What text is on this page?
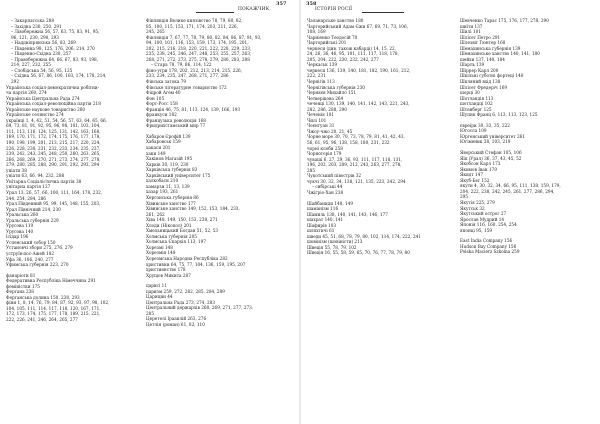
357	358
ПОКАЖЧИК	ІСТОРІЯ РОСІЇ

– Закарпатська 288

– Західна 230, 250, 291

– Лівобережна 56, 57, 63, 75, 83, 91, 95,

96, 121, 230, 290, 293

– Наддніпрянська 56, 83, 269

– Південна 98, 125, 176, 206, 214, 270

– Південно-Східна 230, 257

– Правобережна 64, 66, 67, 83, 93, 198,

214, 227, 232, 255

– Слобідська 54, 56, 95, 125

– Східна 56, 67, 86, 100, 103, 174, 178, 214,

292

Українська соціал-демократична робітни-

ча партія 260, 274

Українська Центральна Рада 274

Українська соціал-революційна партія 218

Українське наукове товариство 260

Українське селянство 274

українці 1, 4, 42, 51, 54, 56, 57, 63, 64, 65, 66,

69, 73, 81, 91, 92, 95, 96, 98, 101, 103, 104,

111, 113, 116, 124, 125, 131, 142, 163, 168,

169, 170, 171, 172, 174, 175, 176, 177, 178,

190, 198, 199, 201, 213, 215, 217, 220, 224,

226, 228, 230, 231, 232, 233, 234, 235, 237,

239, 242, 243, 245, 248, 250, 260, 263, 265,

266, 268, 269, 270, 271, 273, 274, 277, 278,

279, 280, 285, 288, 290, 291, 292, 293, 294

уніати 38

уніати 63, 66, 94, 232, 288

Унітарна Соціалістична партія 38

унітарна партія 127

Урал 13, 26, 57, 66, 100, 111, 164, 178, 232,

244, 254, 284, 286

Урал Південний 95, 99, 145, 148, 155, 203,

Урал Північний 214, 230

Уральська 260

Уральська губернія 229

Урусова 119

Урусова 140

Ісідар 196

Успенський собор 150

Установчі збори 275, 276, 279

уструїв-пос-Ажей 182

Уфа 36, 106, 240, 277

Уфимська губернія 223, 270

фанаріоти 81

Федеративна Республіка Німеччина 291

феміністки 175

Фергана 238

Ферганська долина 150, 238, 293

фіни 1, 8, 14, 76, 79, 84, 87, 92, 93, 97, 98, 102,

104, 105, 111, 114, 117, 118, 120, 167, 171,

172, 173, 174, 175, 177, 178, 189, 215, 221,

222, 226, 241, 246, 264, 265, 277

Фінляндія Велике князівство 78, 79, 80, 82,

85, 100, 115, 153, 171, 174, 203, 211, 226,

245, 265

Фінляндія 7, 67, 77, 78, 79, 80, 82, 84, 86, 87, 91, 93,

94, 100, 101, 116, 153, 159, 173, 174, 195, 201,

202, 215, 216, 218, 220, 221, 222, 228, 229, 233,

235, 238, 245, 246, 247, 248, 253, 255, 257, 263,

268, 271, 272, 273, 275, 278, 279, 280, 283, 288

– Стара 78, 79, 86, 114, 122

фіно-угри 178, 202, 212, 213, 214, 215, 226,

233, 234, 235, 247, 268, 271, 277, 286

Фінська затока 79

Фінське літературне товариство 172

Фіцрой Агем 40

Фон 105

Форт-Росс 158

Франція 46, 75, 81, 113, 124, 139, 166, 193

франкуси 182

Французька революція 168

Фридрихсгамський мир 77

Хабаров Єрофій 139

Хабаровськ 159

хакаси 201

хаки 149

Хакімов Магазій 195

Харків 30, 119, 230

Харківська губернія 83

Харківський університет 175

халкобаси 210

хамарзи 11, 13, 139

хазар 193, 261

Херсонська губернія 86

Хівинське ханство 177

Хівинське ханство 149, 152, 153, 184, 233,

261, 262

Хіва 148, 149, 150, 153, 238, 271

Хлоди (Нікопол) 201

Хмельницький Богдан 51, 52, 53

Холмська губернія 205

Холмська Єпархія 113, 197

Хорезмі 148

Хорезмія 148

Хорезмська Народна Республіка 282

християни 64, 75, 77, 104, 136, 159, 195, 207

християнство 178

Хрущов Микита 287

царисі 11

царизм 259, 272, 282, 285, 284, 289

Царицин 44

Центральна Рада 273, 274, 283

Центральний держархів 268, 269, 271, 277, 273,

285

Церетелі Ірааклій 263, 276

Цетлін (роман) 61, 82, 110

Чаланарське ханство 180

Чарторийський Адам Єжи 67, 69, 71, 73, 106,

108, 169

Чарніенко Теодосій 70

Чарторийські 201

черкеси (див. також кабарді) 14, 15, 22,

24, 26, 36, 46, 95, 101, 111, 117, 118, 178,

205, 204, 222, 230, 232, 242, 277

Черкаськ 139

черкеси 136, 139, 140, 181, 182, 190, 161, 212,

222, 231

Чернігів 113

Чернігівська губернія 230

Черняєв Михайло 151

Четверікова 264

чеченці 130, 139, 140, 141, 142, 143, 221, 243,

282, 286, 288, 290

Чеченія 101

Чилі 101

Чеєнгуан 31

Чжоу-чжо 20, 21, 45

Чорне море 30, 70, 73, 78, 79, 81, 41, 42, 43,

56, 61, 95, 96, 138, 158, 180, 231, 232

чорні клоби 258

Чорногорія 179

чуваші 6, 27, 29, 36, 93, 111, 117, 118, 131,

196, 202, 203, 209, 212, 243, 263, 277, 278,

285

Чукотський півострів 32

чукчі 30, 32, 34, 138, 121, 135, 223, 242, 294

– сибірські 44

Чжігріо-Хан 238

Шайбаниди 148, 149

шаманізм 116

Шамиль 138, 140, 141, 143, 146, 177

шахрат 140, 141

Шафирів 103

шляхтичі 61

шведи 45, 51, 68, 78, 79, 80, 102, 114, 174, 222, 241

шовінізм (шовіністи) 213

Швеція 55, 78, 79, 102

Швеція 16, 55, 58, 59, 65, 70, 76, 77, 78, 79, 80

Шевченко Тарас 175, 176, 177, 278, 290

шиїти 137

Шилі 101

Шлісет Петро 291

Шлезвіг Гюнтер 168

Шемахинська губернія 139

Шемахинське ханство 140, 141, 180

шейхи 137, 140, 184

Шарль 139

Шіррер Карл 200

Шкільні суботні фортеці 140

Шкляний вхід 138

Шлісет Фредеріч 169

шорці 30

Шотландія 113

шотландці 102

Штенберг 125

Шупнк Франц 6, 113, 113, 123, 125

євреїри 30, 33, 35, 222

Югосла 109

Юргенський університет 261

Югіменик 38, 103, 219

Яворський Стефан 105, 106

Яїк (Урал) 36, 37, 43, 45, 52

Якобсон Карл 173

Якимов Іван 179

Якидт 147

Якуб-Бег 152

якути 4, 30, 32, 34, 66, 95, 111, 138, 159, 179,

204, 222, 238, 242, 245, 261, 277, 286, 294,

295

Якутія 225, 279

Якутськ 32

Якутський острог 27

Ярослав Мудрий 14

Японія 116, 160, 254, 254

японці 95, 159

East India Company 156

Hudson Bay Company 156

Polska Macierz Szkolna 259
